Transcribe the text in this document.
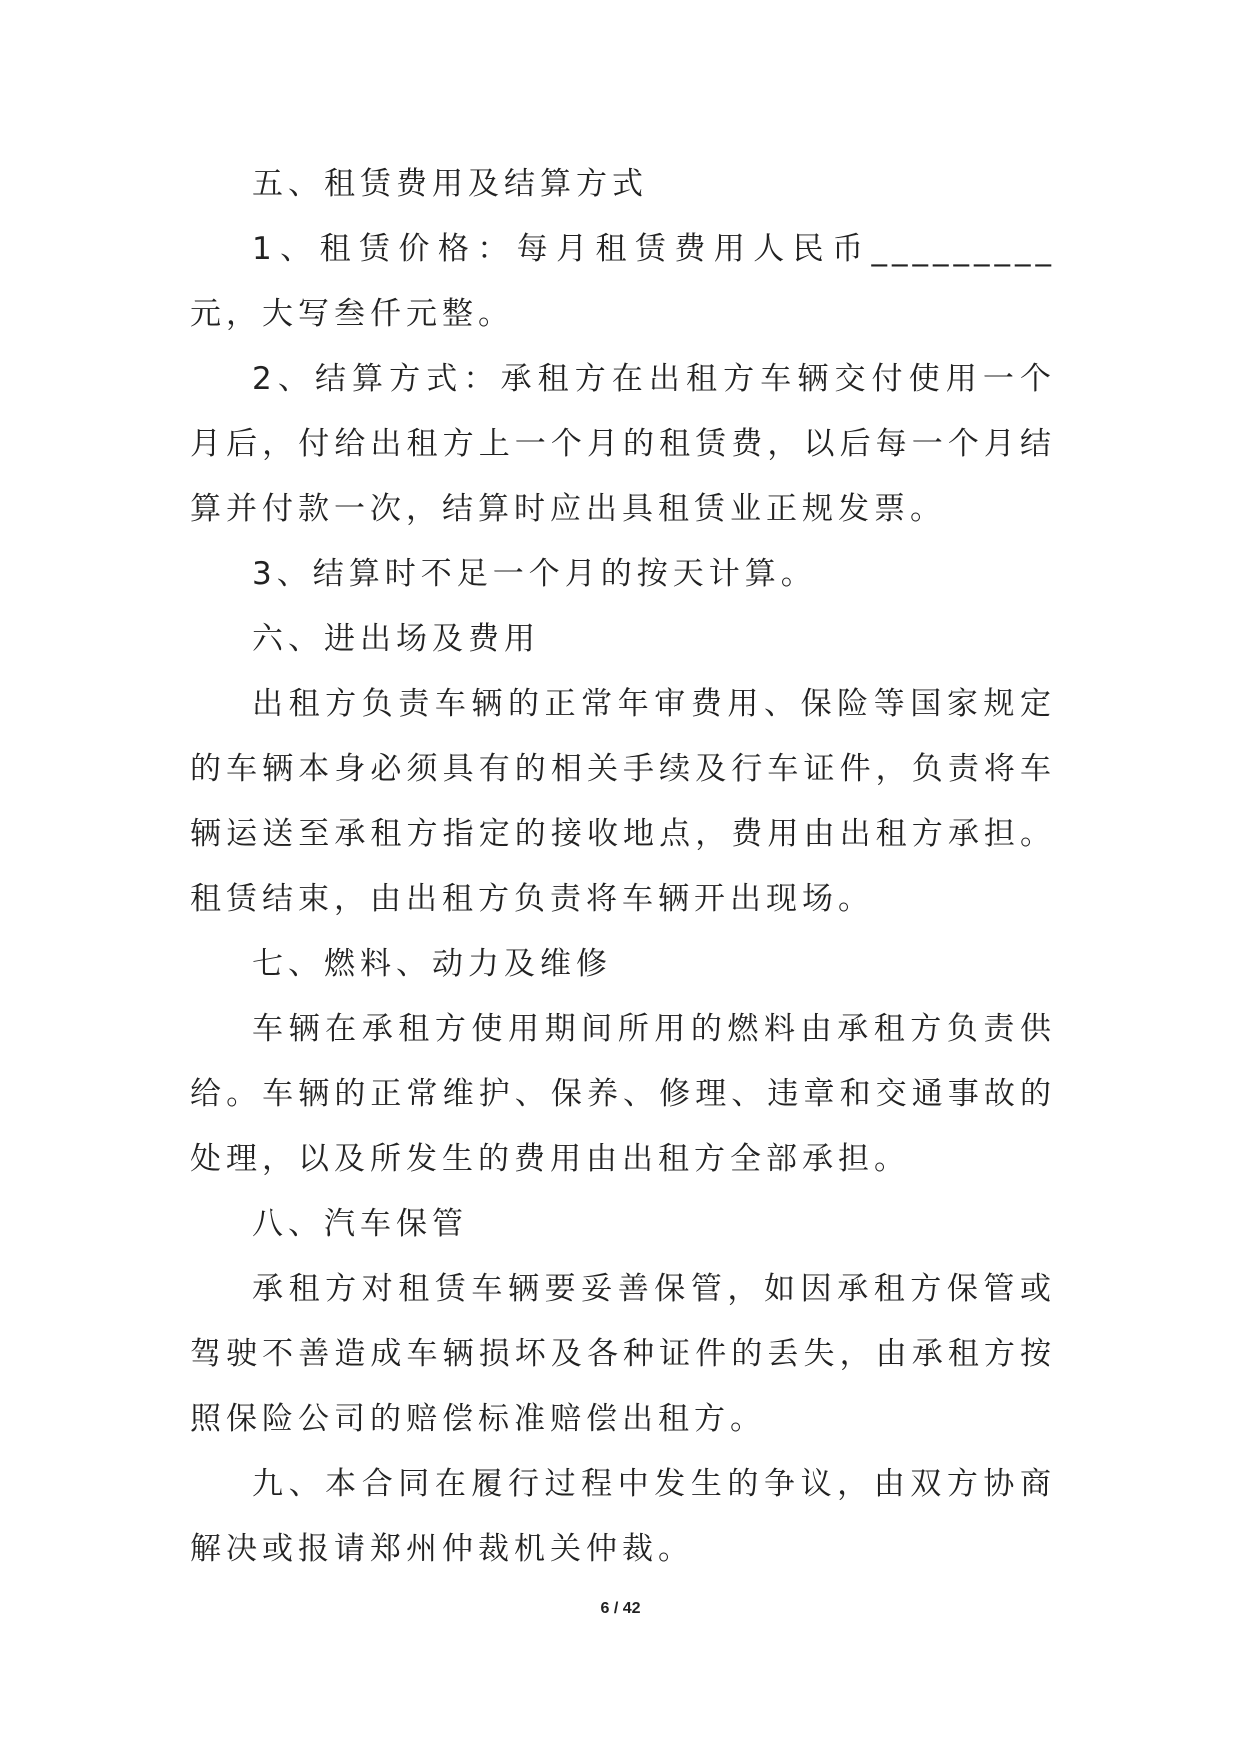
五、租赁费用及结算方式

1、租赁价格：每月租赁费用人民币_________元，大写叁仟元整。

2、结算方式：承租方在出租方车辆交付使用一个月后，付给出租方上一个月的租赁费，以后每一个月结算并付款一次，结算时应出具租赁业正规发票。

3、结算时不足一个月的按天计算。

六、进出场及费用

出租方负责车辆的正常年审费用、保险等国家规定的车辆本身必须具有的相关手续及行车证件，负责将车辆运送至承租方指定的接收地点，费用由出租方承担。租赁结束，由出租方负责将车辆开出现场。

七、燃料、动力及维修

车辆在承租方使用期间所用的燃料由承租方负责供给。车辆的正常维护、保养、修理、违章和交通事故的处理，以及所发生的费用由出租方全部承担。

八、汽车保管

承租方对租赁车辆要妥善保管，如因承租方保管或驾驶不善造成车辆损坏及各种证件的丢失，由承租方按照保险公司的赔偿标准赔偿出租方。

九、本合同在履行过程中发生的争议，由双方协商解决或报请郑州仲裁机关仲裁。

6 / 42
